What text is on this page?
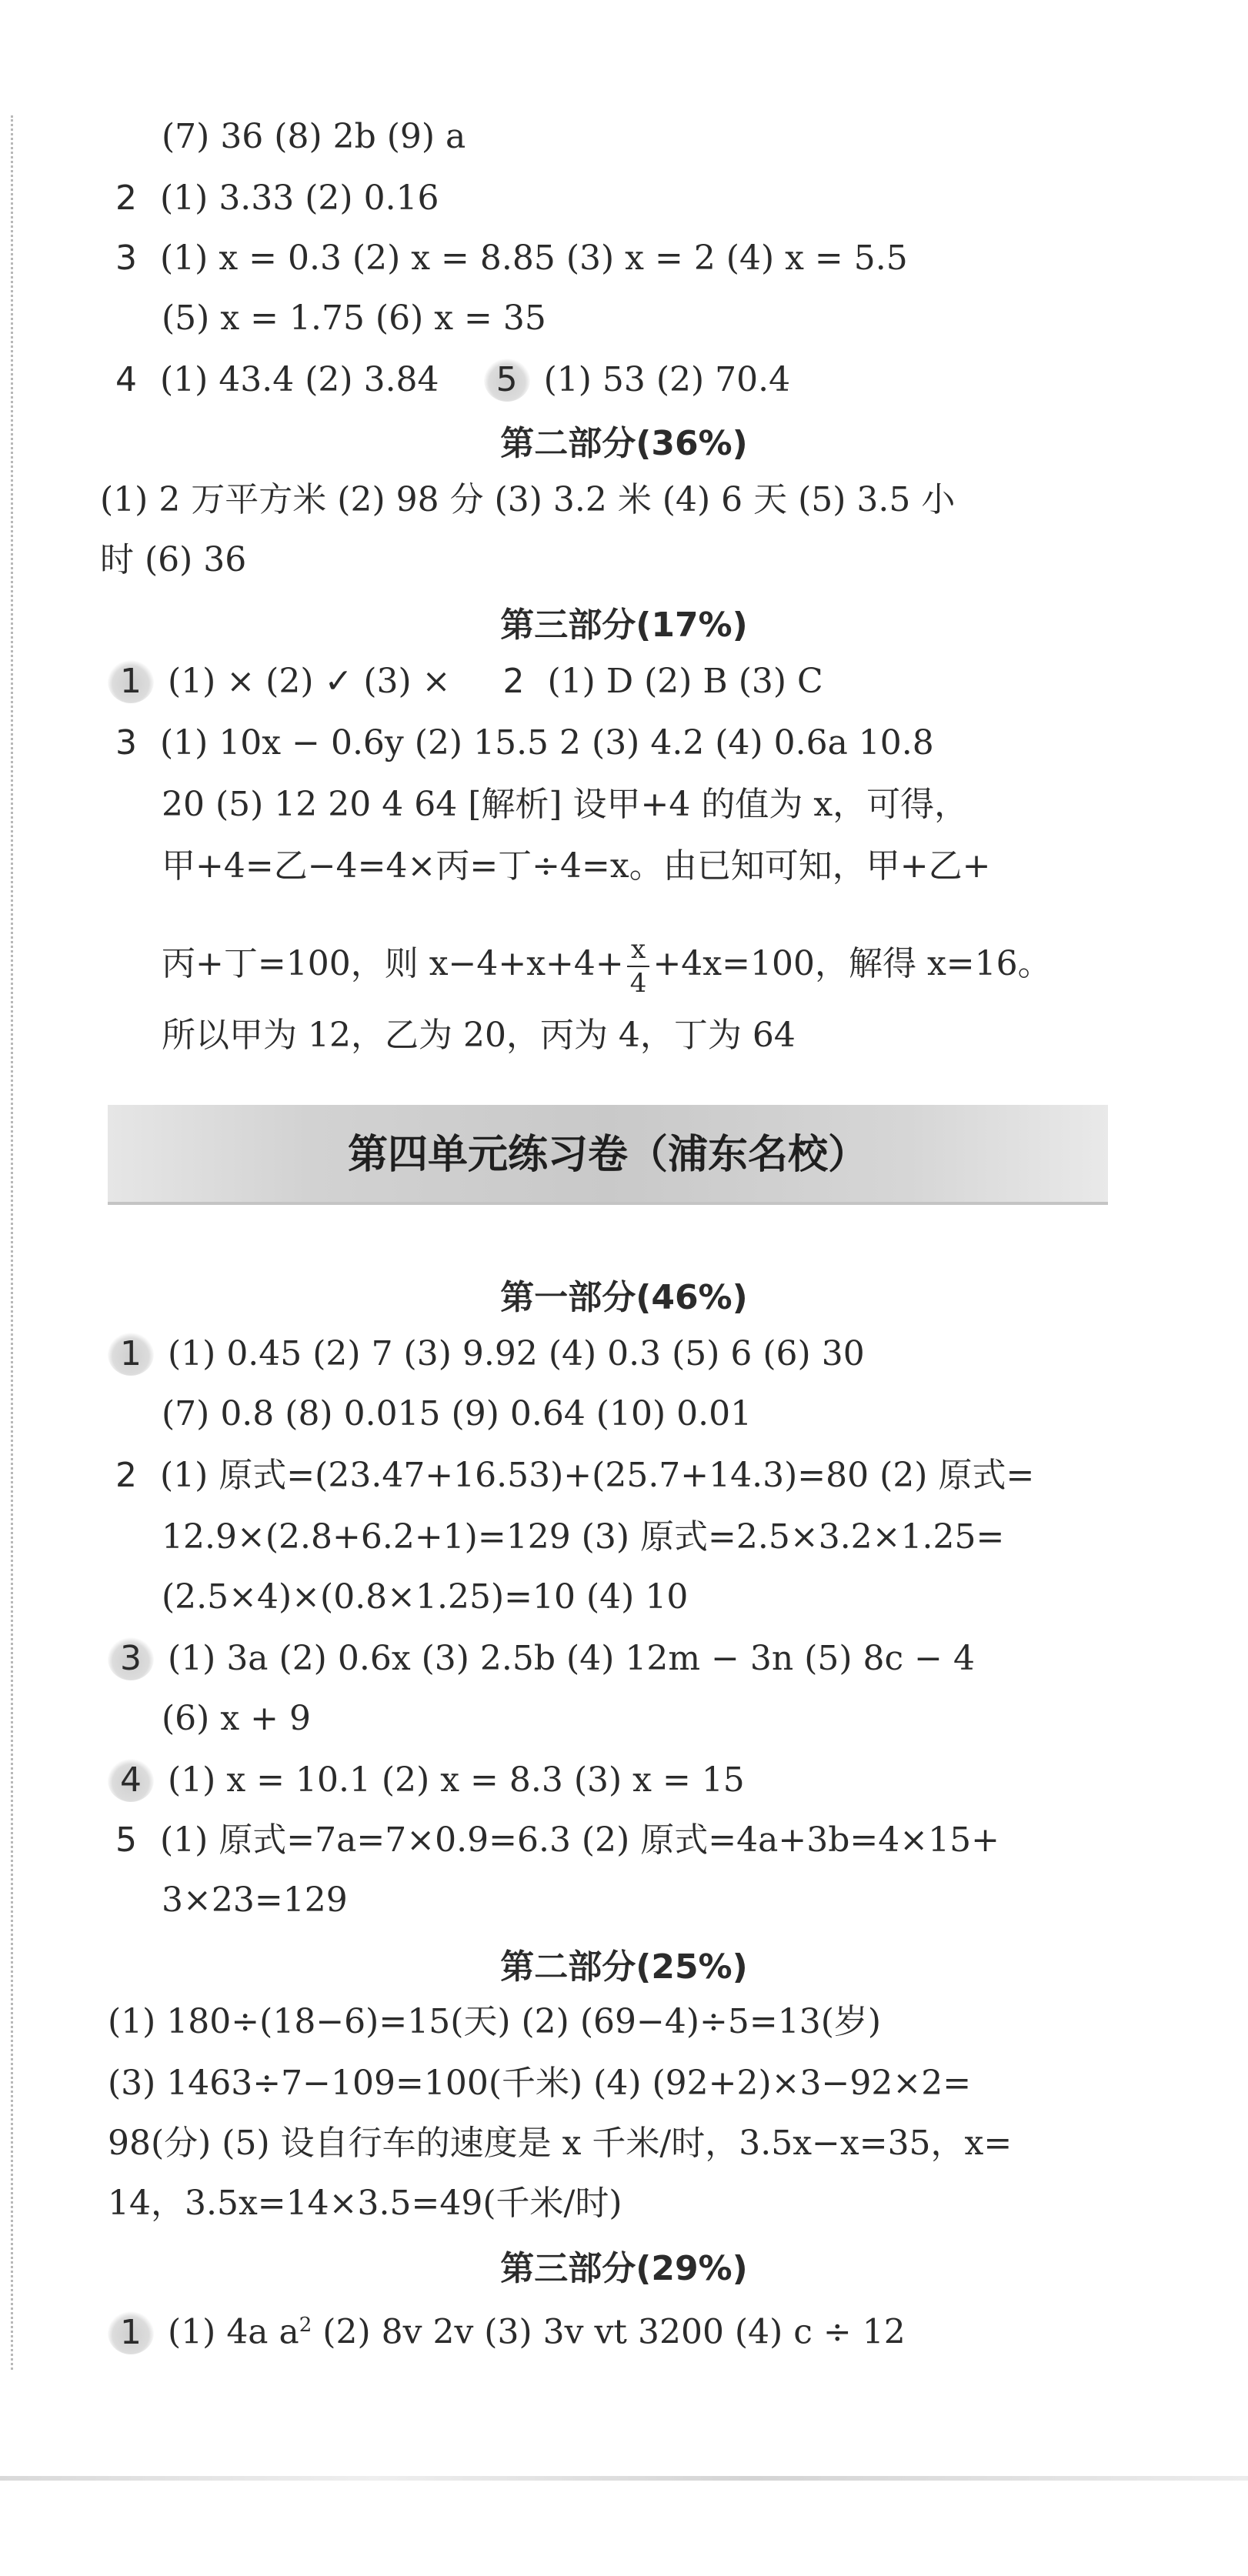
(7) 36 (8) 2b (9) a
2 (1) 3.33 (2) 0.16
3 (1) x = 0.3 (2) x = 8.85 (3) x = 2 (4) x = 5.5
(5) x = 1.75 (6) x = 35
4 (1) 43.4 (2) 3.84 5 (1) 53 (2) 70.4
第二部分(36%)
(1) 2 万平方米 (2) 98 分 (3) 3.2 米 (4) 6 天 (5) 3.5 小
时 (6) 36
第三部分(17%)
1 (1) × (2) ✓ (3) × 2 (1) D (2) B (3) C
3 (1) 10x − 0.6y (2) 15.5 2 (3) 4.2 (4) 0.6a 10.8
20 (5) 12 20 4 64 [解析] 设甲+4 的值为 x，可得，
甲+4=乙−4=4×丙=丁÷4=x。由已知可知，甲+乙+
丙+丁=100，则 $x-4+x+4+ \frac{x}{4} +4x=100$，解得 x=16。
所以甲为 12，乙为 20，丙为 4，丁为 64
第四单元练习卷（浦东名校）
第一部分(46%)
1 (1) 0.45 (2) 7 (3) 9.92 (4) 0.3 (5) 6 (6) 30
(7) 0.8 (8) 0.015 (9) 0.64 (10) 0.01
2 (1) 原式=(23.47+16.53)+(25.7+14.3)=80 (2) 原式=
12.9×(2.8+6.2+1)=129 (3) 原式=2.5×3.2×1.25=
(2.5×4)×(0.8×1.25)=10 (4) 10
3 (1) 3a (2) 0.6x (3) 2.5b (4) 12m − 3n (5) 8c − 4
(6) x + 9
4 (1) x = 10.1 (2) x = 8.3 (3) x = 15
5 (1) 原式=7a=7×0.9=6.3 (2) 原式=4a+3b=4×15+
3×23=129
第二部分(25%)
(1) 180÷(18−6)=15(天) (2) (69−4)÷5=13(岁)
(3) 1463÷7−109=100(千米) (4) (92+2)×3−92×2=
98(分) (5) 设自行车的速度是 x 千米/时，3.5x−x=35，x=
14，3.5x=14×3.5=49(千米/时)
第三部分(29%)
1 (1) 4a $a^2$ (2) 8v 2v (3) 3v vt 3200 (4) c ÷ 12
